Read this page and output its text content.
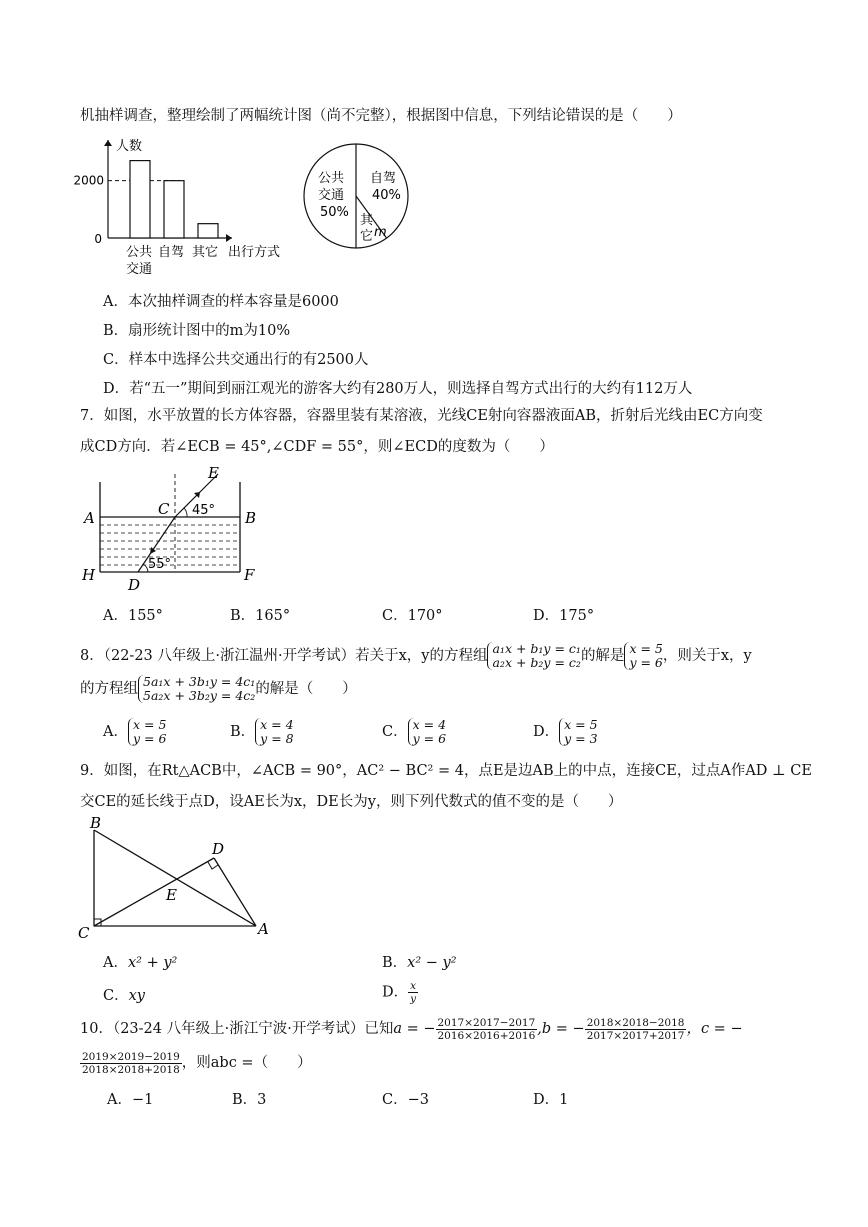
机抽样调查，整理绘制了两幅统计图（尚不完整），根据图中信息，下列结论错误的是（　　）
人数
0
2000
公共
交通
自驾 其它 出行方式
公共
交通
50%
自驾
40%
其
它 m
A．本次抽样调查的样本容量是6000
B．扇形统计图中的m为10%
C．样本中选择公共交通出行的有2500人
D．若“五一”期间到丽江观光的游客大约有280万人，则选择自驾方式出行的大约有112万人
7．如图，水平放置的长方体容器，容器里装有某溶液，光线CE射向容器液面AB，折射后光线由EC方向变
成CD方向．若∠ECB = 45°,∠CDF = 55°，则∠ECD的度数为（　　）
A	B
C
D
E
F
H
45°
55°
A．155°	B．165°	C．170°	D．175°
8．（22-23 八年级上·浙江温州·开学考试）若关于x，y的方程组 a₁x + b₁y = c₁
a₂x + b₂y = c₂的解是 x = 5
y = 6，则关于x，y
的方程组 5a₁x + 3b₁y = 4c₁
5a₂x + 3b₂y = 4c₂的解是（　　）
A． x = 5
y = 6	B． x = 4
y = 8	C． x = 4
y = 6	D． x = 5
y = 3
9．如图，在Rt△ACB中，∠ACB = 90°，AC² − BC² = 4，点E是边AB上的中点，连接CE，过点A作AD ⊥ CE
交CE的延长线于点D，设AE长为x，DE长为y，则下列代数式的值不变的是（　　）
B
C	A
D
E
A．x² + y²	B．x² − y²
C．xy	D． $\frac{x}{y}$
10．（23-24 八年级上·浙江宁波·开学考试）已知a = − $\frac{2017\times 2017-2017}{2016\times 2016+2016} ,b$ = − $\frac{2018\times 2018-2018}{2017\times 2017+2017}$ ，c = −
$\frac{2019\times 2019-2019}{2018\times 2018+2018}$ ，则abc =（　　）
A．−1	B．3	C．−3	D．1
